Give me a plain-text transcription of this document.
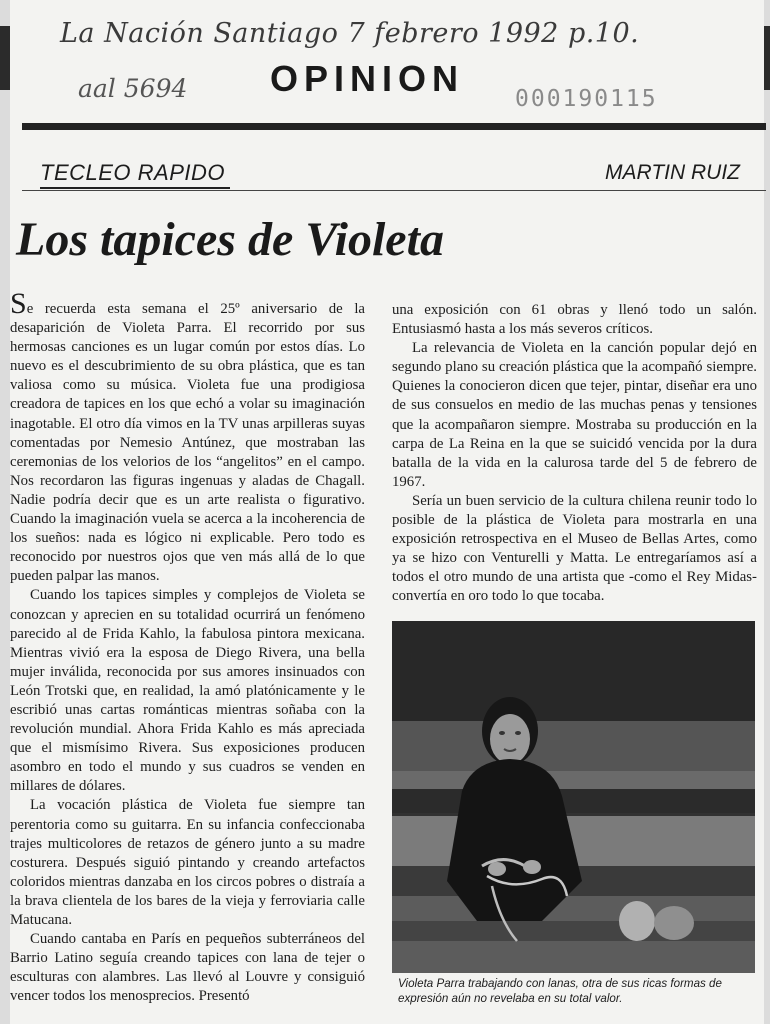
La Nación Santiago 7 febrero 1992 p.10.
aal 5694	000190115
OPINION
TECLEO RAPIDO	MARTIN RUIZ
Los tapices de Violeta

Se recuerda esta semana el 25º aniversario de la desaparición de Violeta Parra. El recorrido por sus hermosas canciones es un lugar común por estos días. Lo nuevo es el descubrimiento de su obra plástica, que es tan valiosa como su música. Violeta fue una prodigiosa creadora de tapices en los que echó a volar su imaginación inagotable. El otro día vimos en la TV unas arpilleras suyas comentadas por Nemesio Antúnez, que mostraban las ceremonias de los velorios de los “angelitos” en el campo. Nos recordaron las figuras ingenuas y aladas de Chagall. Nadie podría decir que es un arte realista o figurativo. Cuando la imaginación vuela se acerca a la incoherencia de los sueños: nada es lógico ni explicable. Pero todo es reconocido por nuestros ojos que ven más allá de lo que pueden palpar las manos.

Cuando los tapices simples y complejos de Violeta se conozcan y aprecien en su totalidad ocurrirá un fenómeno parecido al de Frida Kahlo, la fabulosa pintora mexicana. Mientras vivió era la esposa de Diego Rivera, una bella mujer inválida, reconocida por sus amores insinuados con León Trotski que, en realidad, la amó platónicamente y le escribió unas cartas románticas mientras soñaba con la revolución mundial. Ahora Frida Kahlo es más apreciada que el mismísimo Rivera. Sus exposiciones producen asombro en todo el mundo y sus cuadros se venden en millares de dólares.

La vocación plástica de Violeta fue siempre tan perentoria como su guitarra. En su infancia confeccionaba trajes multicolores de retazos de género junto a su madre costurera. Después siguió pintando y creando artefactos coloridos mientras danzaba en los circos pobres o distraía a la brava clientela de los bares de la vieja y ferroviaria calle Matucana.

Cuando cantaba en París en pequeños subterráneos del Barrio Latino seguía creando tapices con lana de tejer o esculturas con alambres. Las llevó al Louvre y consiguió vencer todos los menosprecios. Presentó

una exposición con 61 obras y llenó todo un salón. Entusiasmó hasta a los más severos críticos.

La relevancia de Violeta en la canción popular dejó en segundo plano su creación plástica que la acompañó siempre. Quienes la conocieron dicen que tejer, pintar, diseñar era uno de sus consuelos en medio de las muchas penas y tensiones que la acompañaron siempre. Mostraba su producción en la carpa de La Reina en la que se suicidó vencida por la dura batalla de la vida en la calurosa tarde del 5 de febrero de 1967.

Sería un buen servicio de la cultura chilena reunir todo lo posible de la plástica de Violeta para mostrarla en una exposición retrospectiva en el Museo de Bellas Artes, como ya se hizo con Venturelli y Matta. Le entregaríamos así a todos el otro mundo de una artista que -como el Rey Midas- convertía en oro todo lo que tocaba.

Violeta Parra trabajando con lanas, otra de sus ricas formas de expresión aún no revelaba en su total valor.
